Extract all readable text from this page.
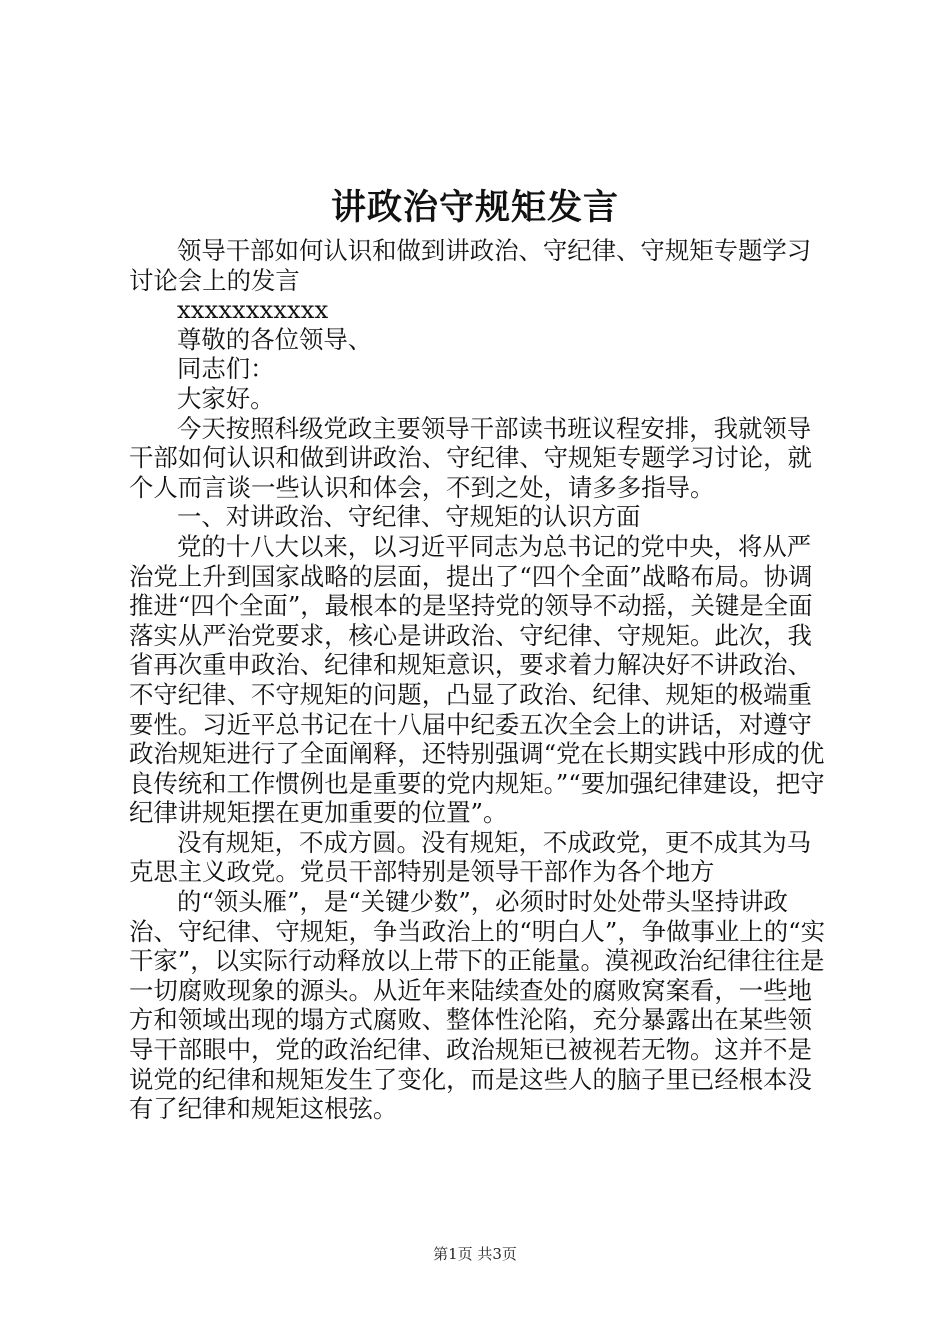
讲政治守规矩发言

领导干部如何认识和做到讲政治、守纪律、守规矩专题学习讨论会上的发言

xxxxxxxxxxx

尊敬的各位领导、

同志们：

大家好。

今天按照科级党政主要领导干部读书班议程安排，我就领导干部如何认识和做到讲政治、守纪律、守规矩专题学习讨论，就个人而言谈一些认识和体会，不到之处，请多多指导。

一、对讲政治、守纪律、守规矩的认识方面

党的十八大以来，以习近平同志为总书记的党中央，将从严治党上升到国家战略的层面，提出了“四个全面”战略布局。协调推进“四个全面”，最根本的是坚持党的领导不动摇，关键是全面落实从严治党要求，核心是讲政治、守纪律、守规矩。此次，我省再次重申政治、纪律和规矩意识，要求着力解决好不讲政治、不守纪律、不守规矩的问题，凸显了政治、纪律、规矩的极端重要性。习近平总书记在十八届中纪委五次全会上的讲话，对遵守政治规矩进行了全面阐释，还特别强调“党在长期实践中形成的优良传统和工作惯例也是重要的党内规矩。”“要加强纪律建设，把守纪律讲规矩摆在更加重要的位置”。

没有规矩，不成方圆。没有规矩，不成政党，更不成其为马克思主义政党。党员干部特别是领导干部作为各个地方

的“领头雁”，是“关键少数”，必须时时处处带头坚持讲政治、守纪律、守规矩，争当政治上的“明白人”，争做事业上的“实干家”，以实际行动释放以上带下的正能量。漠视政治纪律往往是一切腐败现象的源头。从近年来陆续查处的腐败窝案看，一些地方和领域出现的塌方式腐败、整体性沦陷，充分暴露出在某些领导干部眼中，党的政治纪律、政治规矩已被视若无物。这并不是说党的纪律和规矩发生了变化，而是这些人的脑子里已经根本没有了纪律和规矩这根弦。

第1页 共3页
